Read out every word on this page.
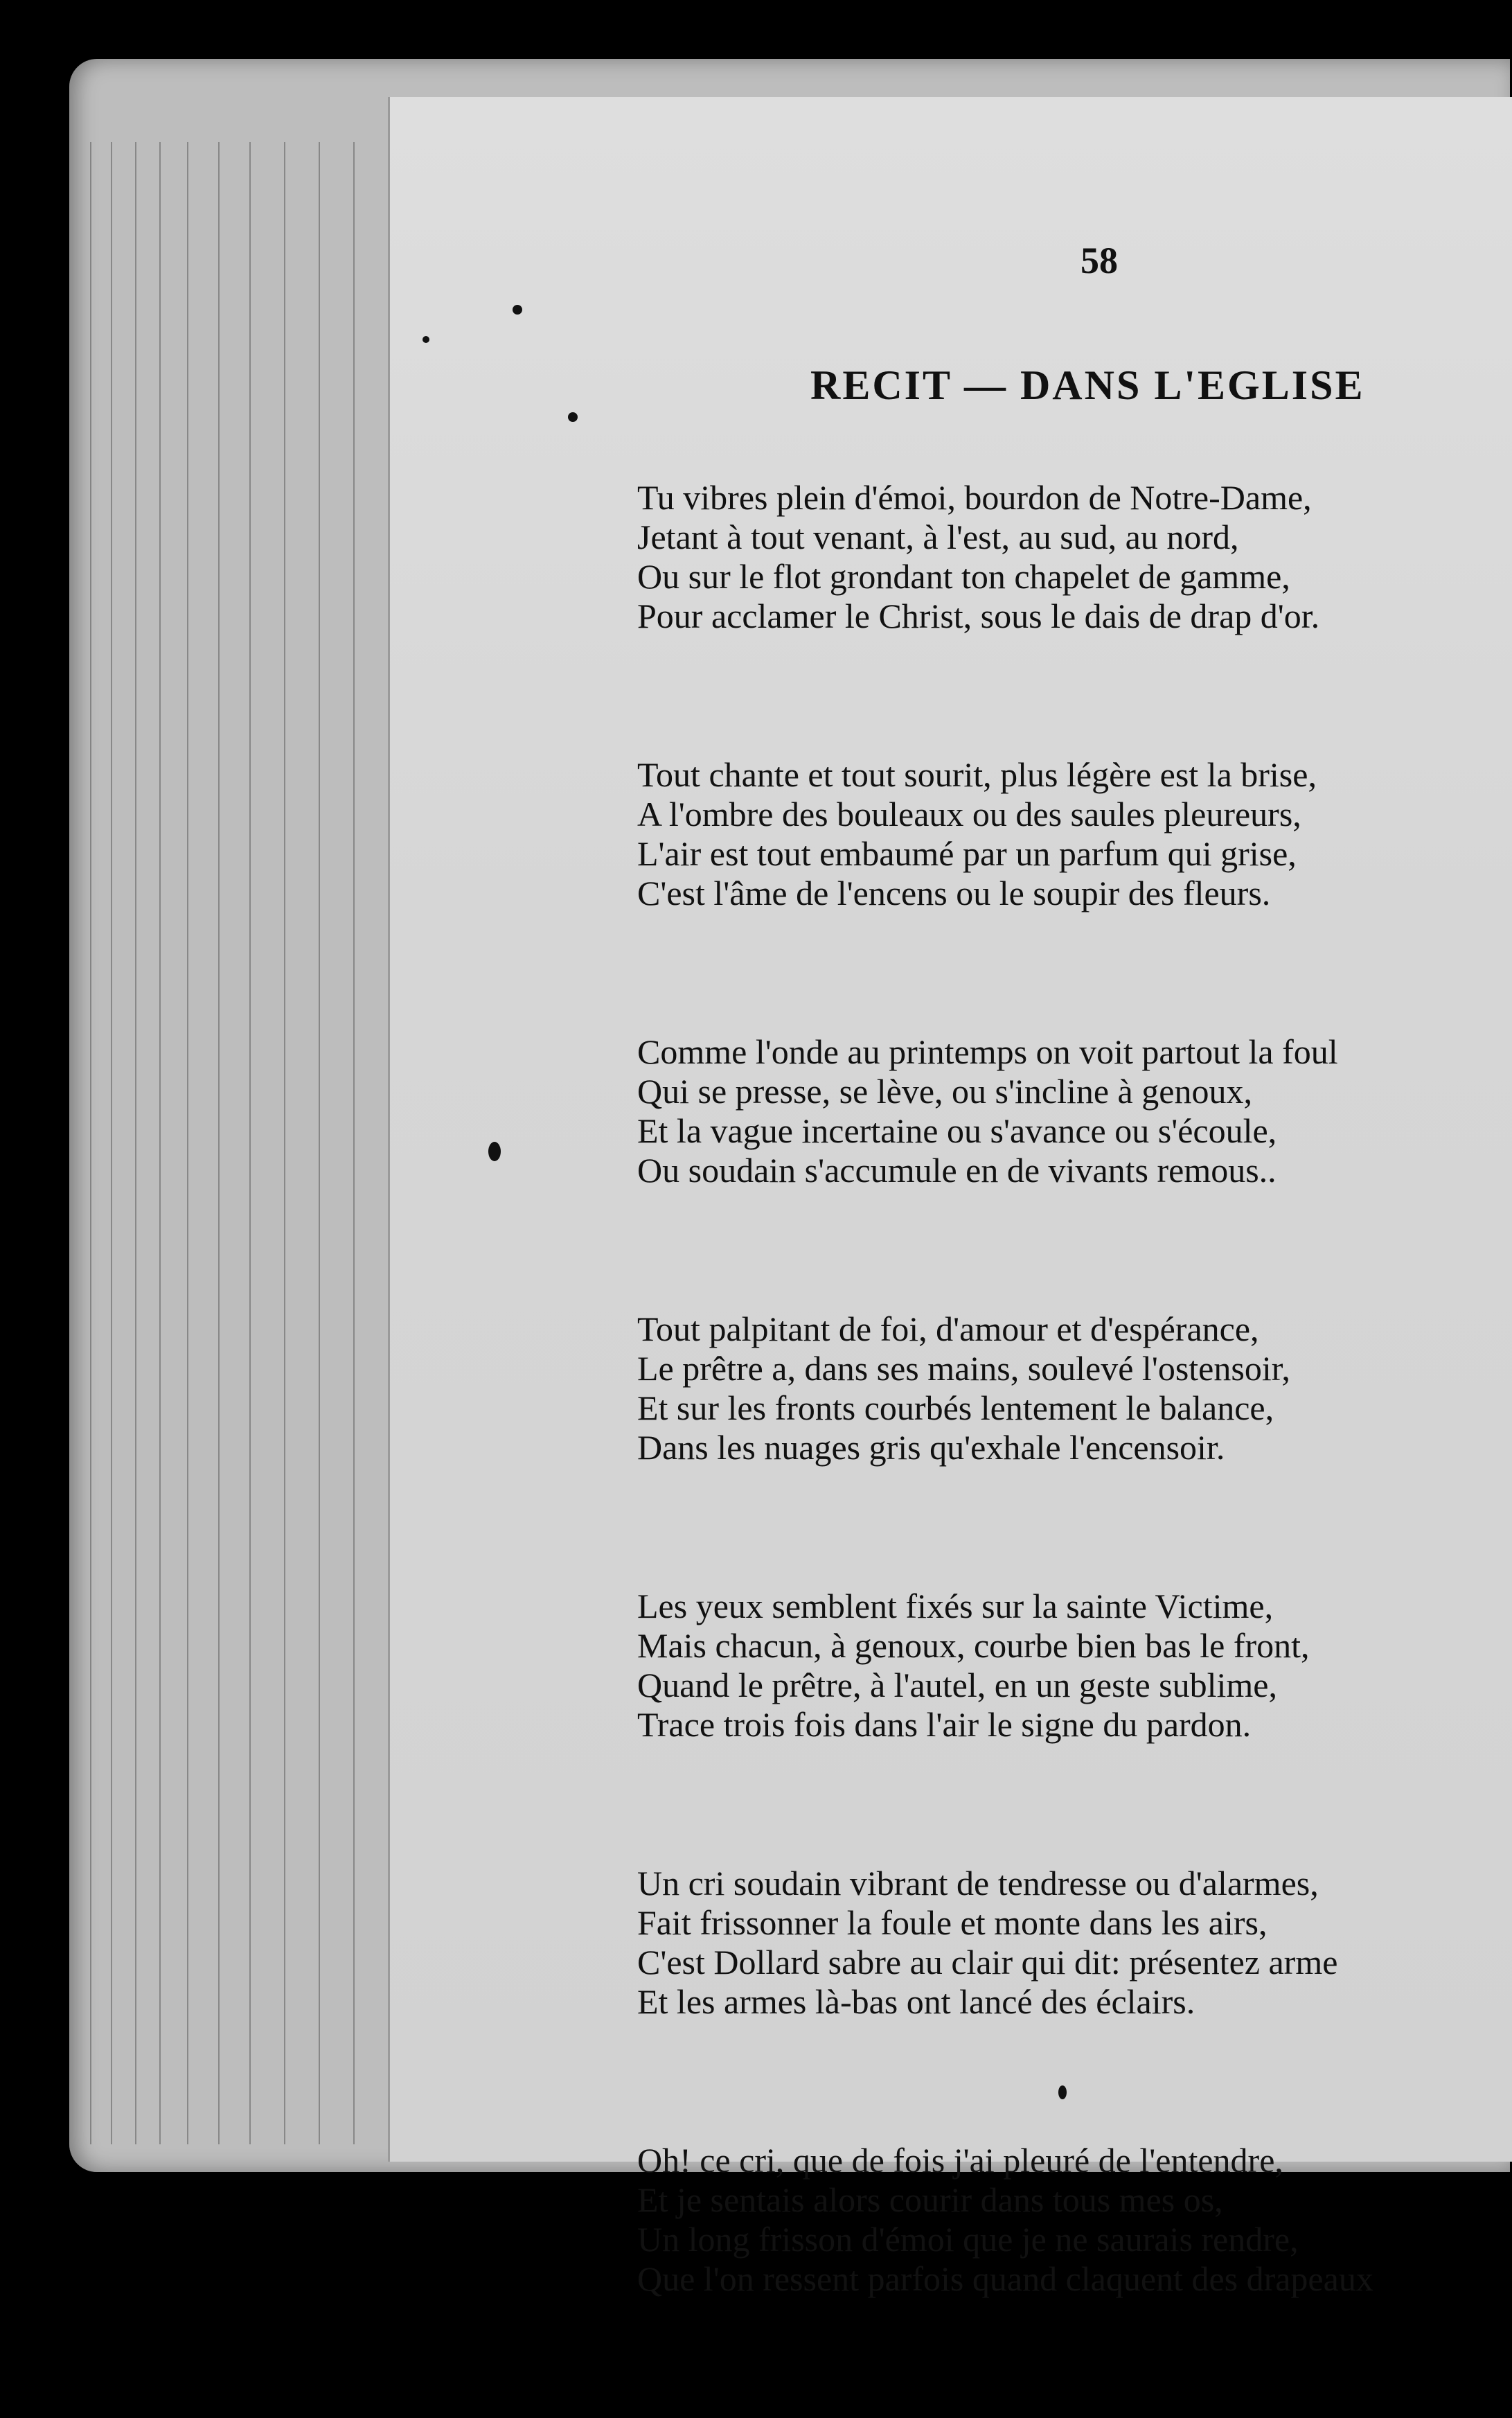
58
RECIT — DANS L'EGLISE
Tu vibres plein d'émoi, bourdon de Notre-Dame,
Jetant à tout venant, à l'est, au sud, au nord,
Ou sur le flot grondant ton chapelet de gamme,
Pour acclamer le Christ, sous le dais de drap d'or.
Tout chante et tout sourit, plus légère est la brise,
A l'ombre des bouleaux ou des saules pleureurs,
L'air est tout embaumé par un parfum qui grise,
C'est l'âme de l'encens ou le soupir des fleurs.
Comme l'onde au printemps on voit partout la foul
Qui se presse, se lève, ou s'incline à genoux,
Et la vague incertaine ou s'avance ou s'écoule,
Ou soudain s'accumule en de vivants remous..
Tout palpitant de foi, d'amour et d'espérance,
Le prêtre a, dans ses mains, soulevé l'ostensoir,
Et sur les fronts courbés lentement le balance,
Dans les nuages gris qu'exhale l'encensoir.
Les yeux semblent fixés sur la sainte Victime,
Mais chacun, à genoux, courbe bien bas le front,
Quand le prêtre, à l'autel, en un geste sublime,
Trace trois fois dans l'air le signe du pardon.
Un cri soudain vibrant de tendresse ou d'alarmes,
Fait frissonner la foule et monte dans les airs,
C'est Dollard sabre au clair qui dit: présentez arme
Et les armes là-bas ont lancé des éclairs.
Oh! ce cri, que de fois j'ai pleuré de l'entendre,
Et je sentais alors courir dans tous mes os,
Un long frisson d'émoi que je ne saurais rendre,
Que l'on ressent parfois quand claquent des drapeaux
